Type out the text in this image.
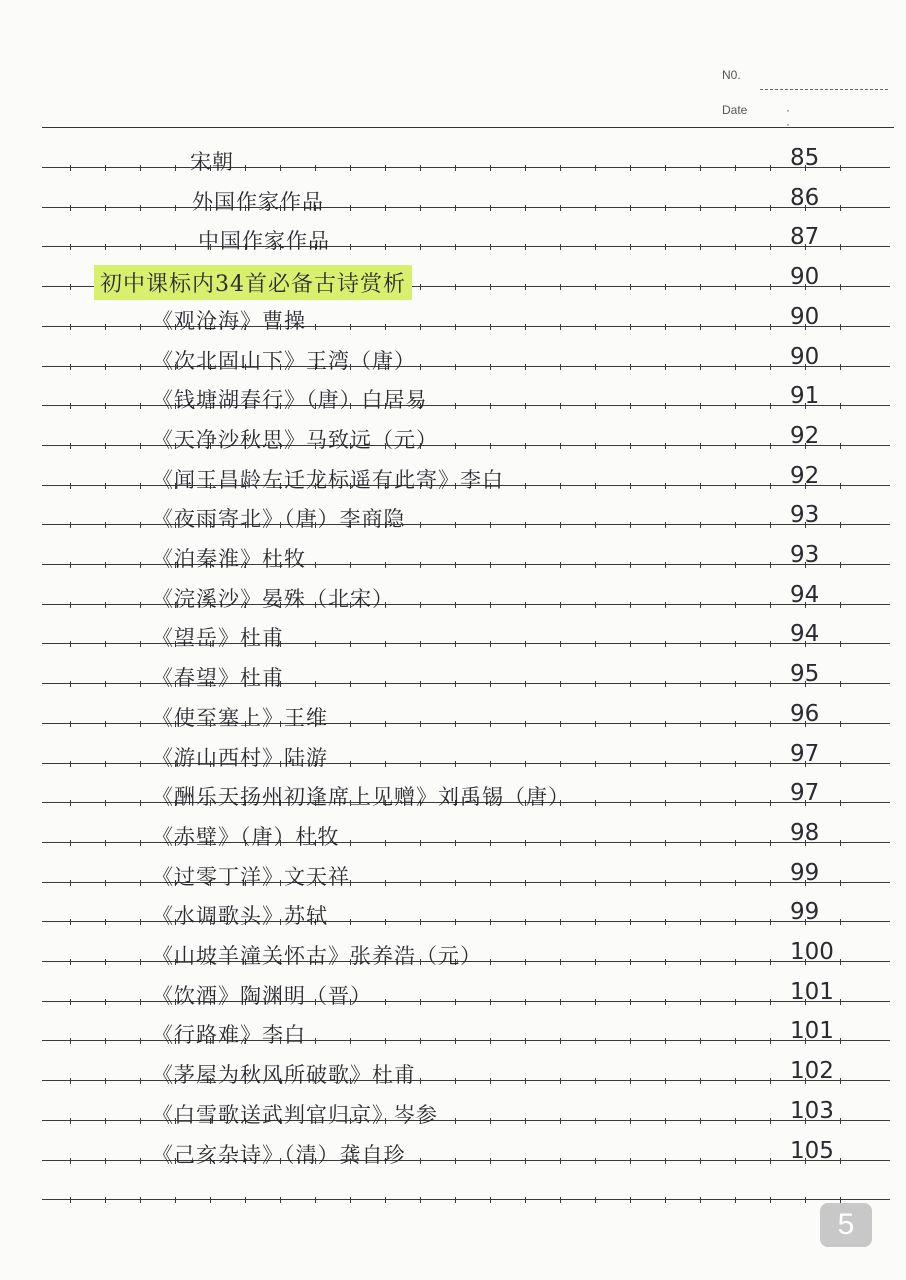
N0.
Date	· ·
宋朝	85
外国作家作品	86
中国作家作品	87
初中课标内34首必备古诗赏析	90
《观沧海》曹操	90
《次北固山下》王湾（唐）	90
《钱塘湖春行》（唐）白居易	91
《天净沙秋思》马致远（元）	92
《闻王昌龄左迁龙标遥有此寄》李白	92
《夜雨寄北》（唐）李商隐	93
《泊秦淮》杜牧	93
《浣溪沙》晏殊（北宋）	94
《望岳》杜甫	94
《春望》杜甫	95
《使至塞上》王维	96
《游山西村》陆游	97
《酬乐天扬州初逢席上见赠》刘禹锡（唐）	97
《赤壁》（唐）杜牧	98
《过零丁洋》文天祥	99
《水调歌头》苏轼	99
《山坡羊潼关怀古》张养浩（元）	100
《饮酒》陶渊明（晋）	101
《行路难》李白	101
《茅屋为秋风所破歌》杜甫	102
《白雪歌送武判官归京》岑参	103
《己亥杂诗》（清）龚自珍	105
5
